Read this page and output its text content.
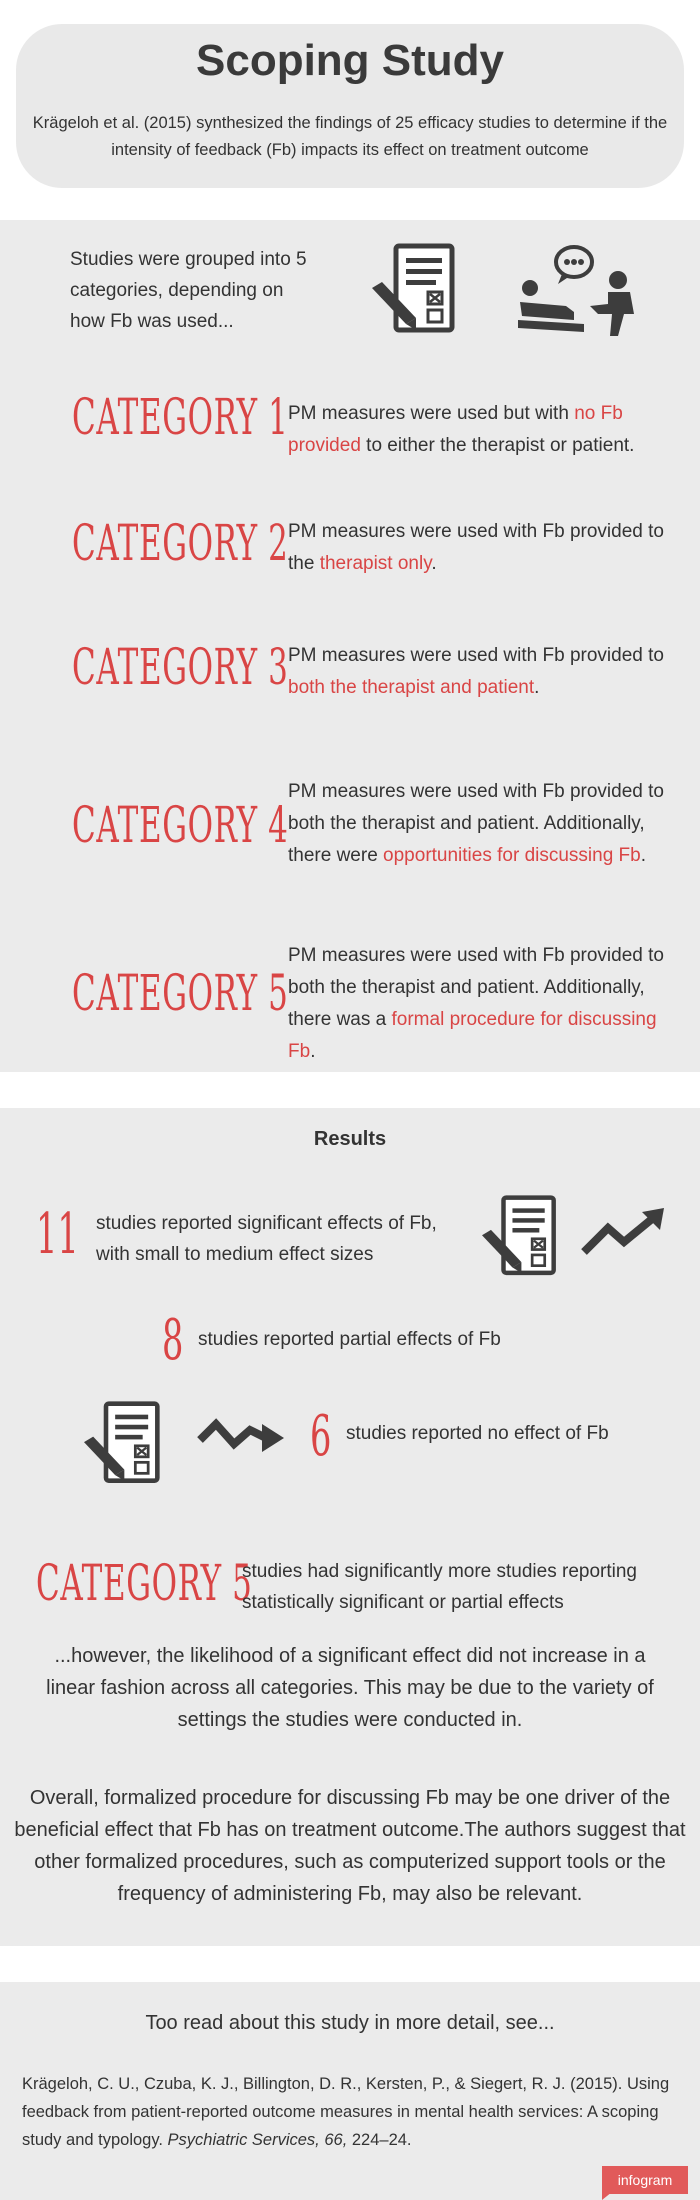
Scoping Study
Krägeloh et al. (2015) synthesized the findings of 25 efficacy studies to determine if the intensity of feedback (Fb) impacts its effect on treatment outcome
Studies were grouped into 5 categories, depending on how Fb was used...
CATEGORY 1 PM measures were used but with no Fb provided to either the therapist or patient.
CATEGORY 2 PM measures were used with Fb provided to the therapist only.
CATEGORY 3 PM measures were used with Fb provided to both the therapist and patient.
CATEGORY 4
PM measures were used with Fb provided to both the therapist and patient. Additionally, there were opportunities for discussing Fb.
CATEGORY 5
PM measures were used with Fb provided to both the therapist and patient. Additionally, there was a formal procedure for discussing Fb.
Results
11 studies reported significant effects of Fb, with small to medium effect sizes
8 studies reported partial effects of Fb
6 studies reported no effect of Fb
CATEGORY 5
studies had significantly more studies reporting statistically significant or partial effects
...however, the likelihood of a significant effect did not increase in a linear fashion across all categories. This may be due to the variety of settings the studies were conducted in.
Overall, formalized procedure for discussing Fb may be one driver of the beneficial effect that Fb has on treatment outcome.The authors suggest that other formalized procedures, such as computerized support tools or the frequency of administering Fb, may also be relevant.
Too read about this study in more detail, see...
Krägeloh, C. U., Czuba, K. J., Billington, D. R., Kersten, P., & Siegert, R. J. (2015). Using feedback from patient-reported outcome measures in mental health services: A scoping study and typology. Psychiatric Services, 66, 224–24.
infogram
